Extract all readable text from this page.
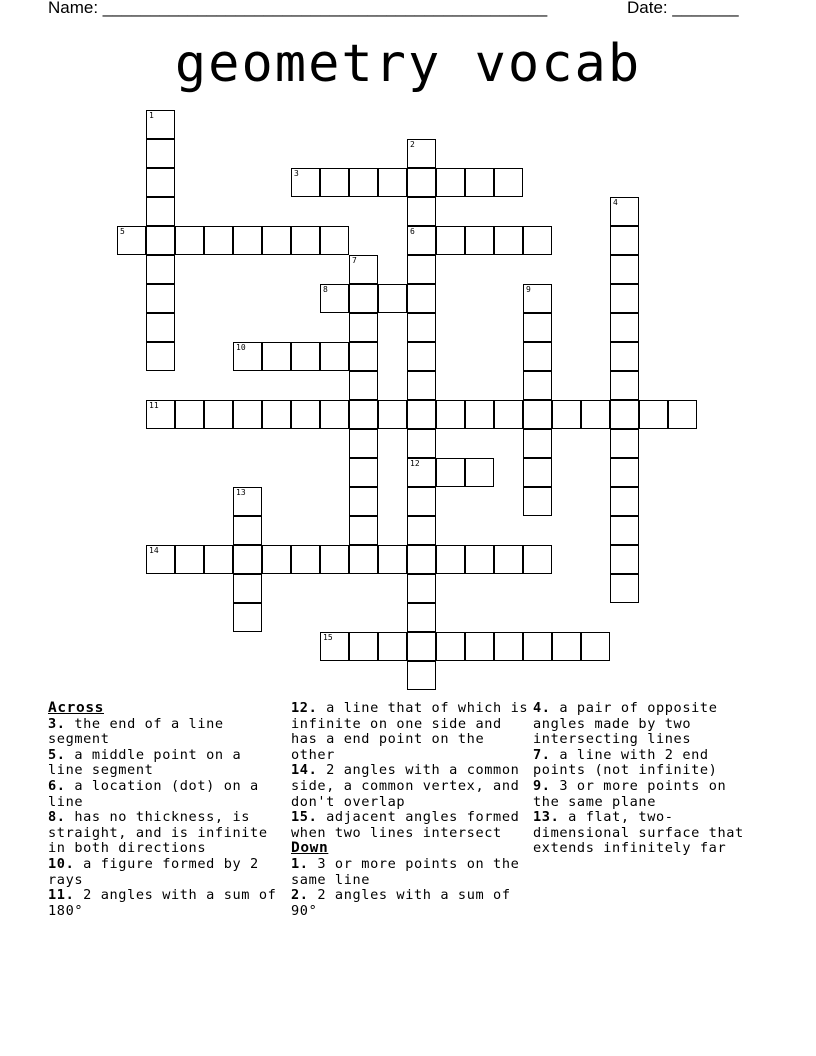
Name: _______________________________________________	Date: _______
geometry vocab
1
2
6
12
3
4
5
7
8	9
10
11
13
14
15
Across
3. the end of a line segment
5. a middle point on a line segment
6. a location (dot) on a line
8. has no thickness, is straight, and is infinite in both directions
10. a figure formed by 2 rays
11. 2 angles with a sum of 180°
12. a line that of which is infinite on one side and has a end point on the other
14. 2 angles with a common side, a common vertex, and don't overlap
15. adjacent angles formed when two lines intersect
Down
1. 3 or more points on the same line
2. 2 angles with a sum of 90°
4. a pair of opposite angles made by two intersecting lines
7. a line with 2 end points (not infinite)
9. 3 or more points on the same plane
13. a flat, two-dimensional surface that extends infinitely far
